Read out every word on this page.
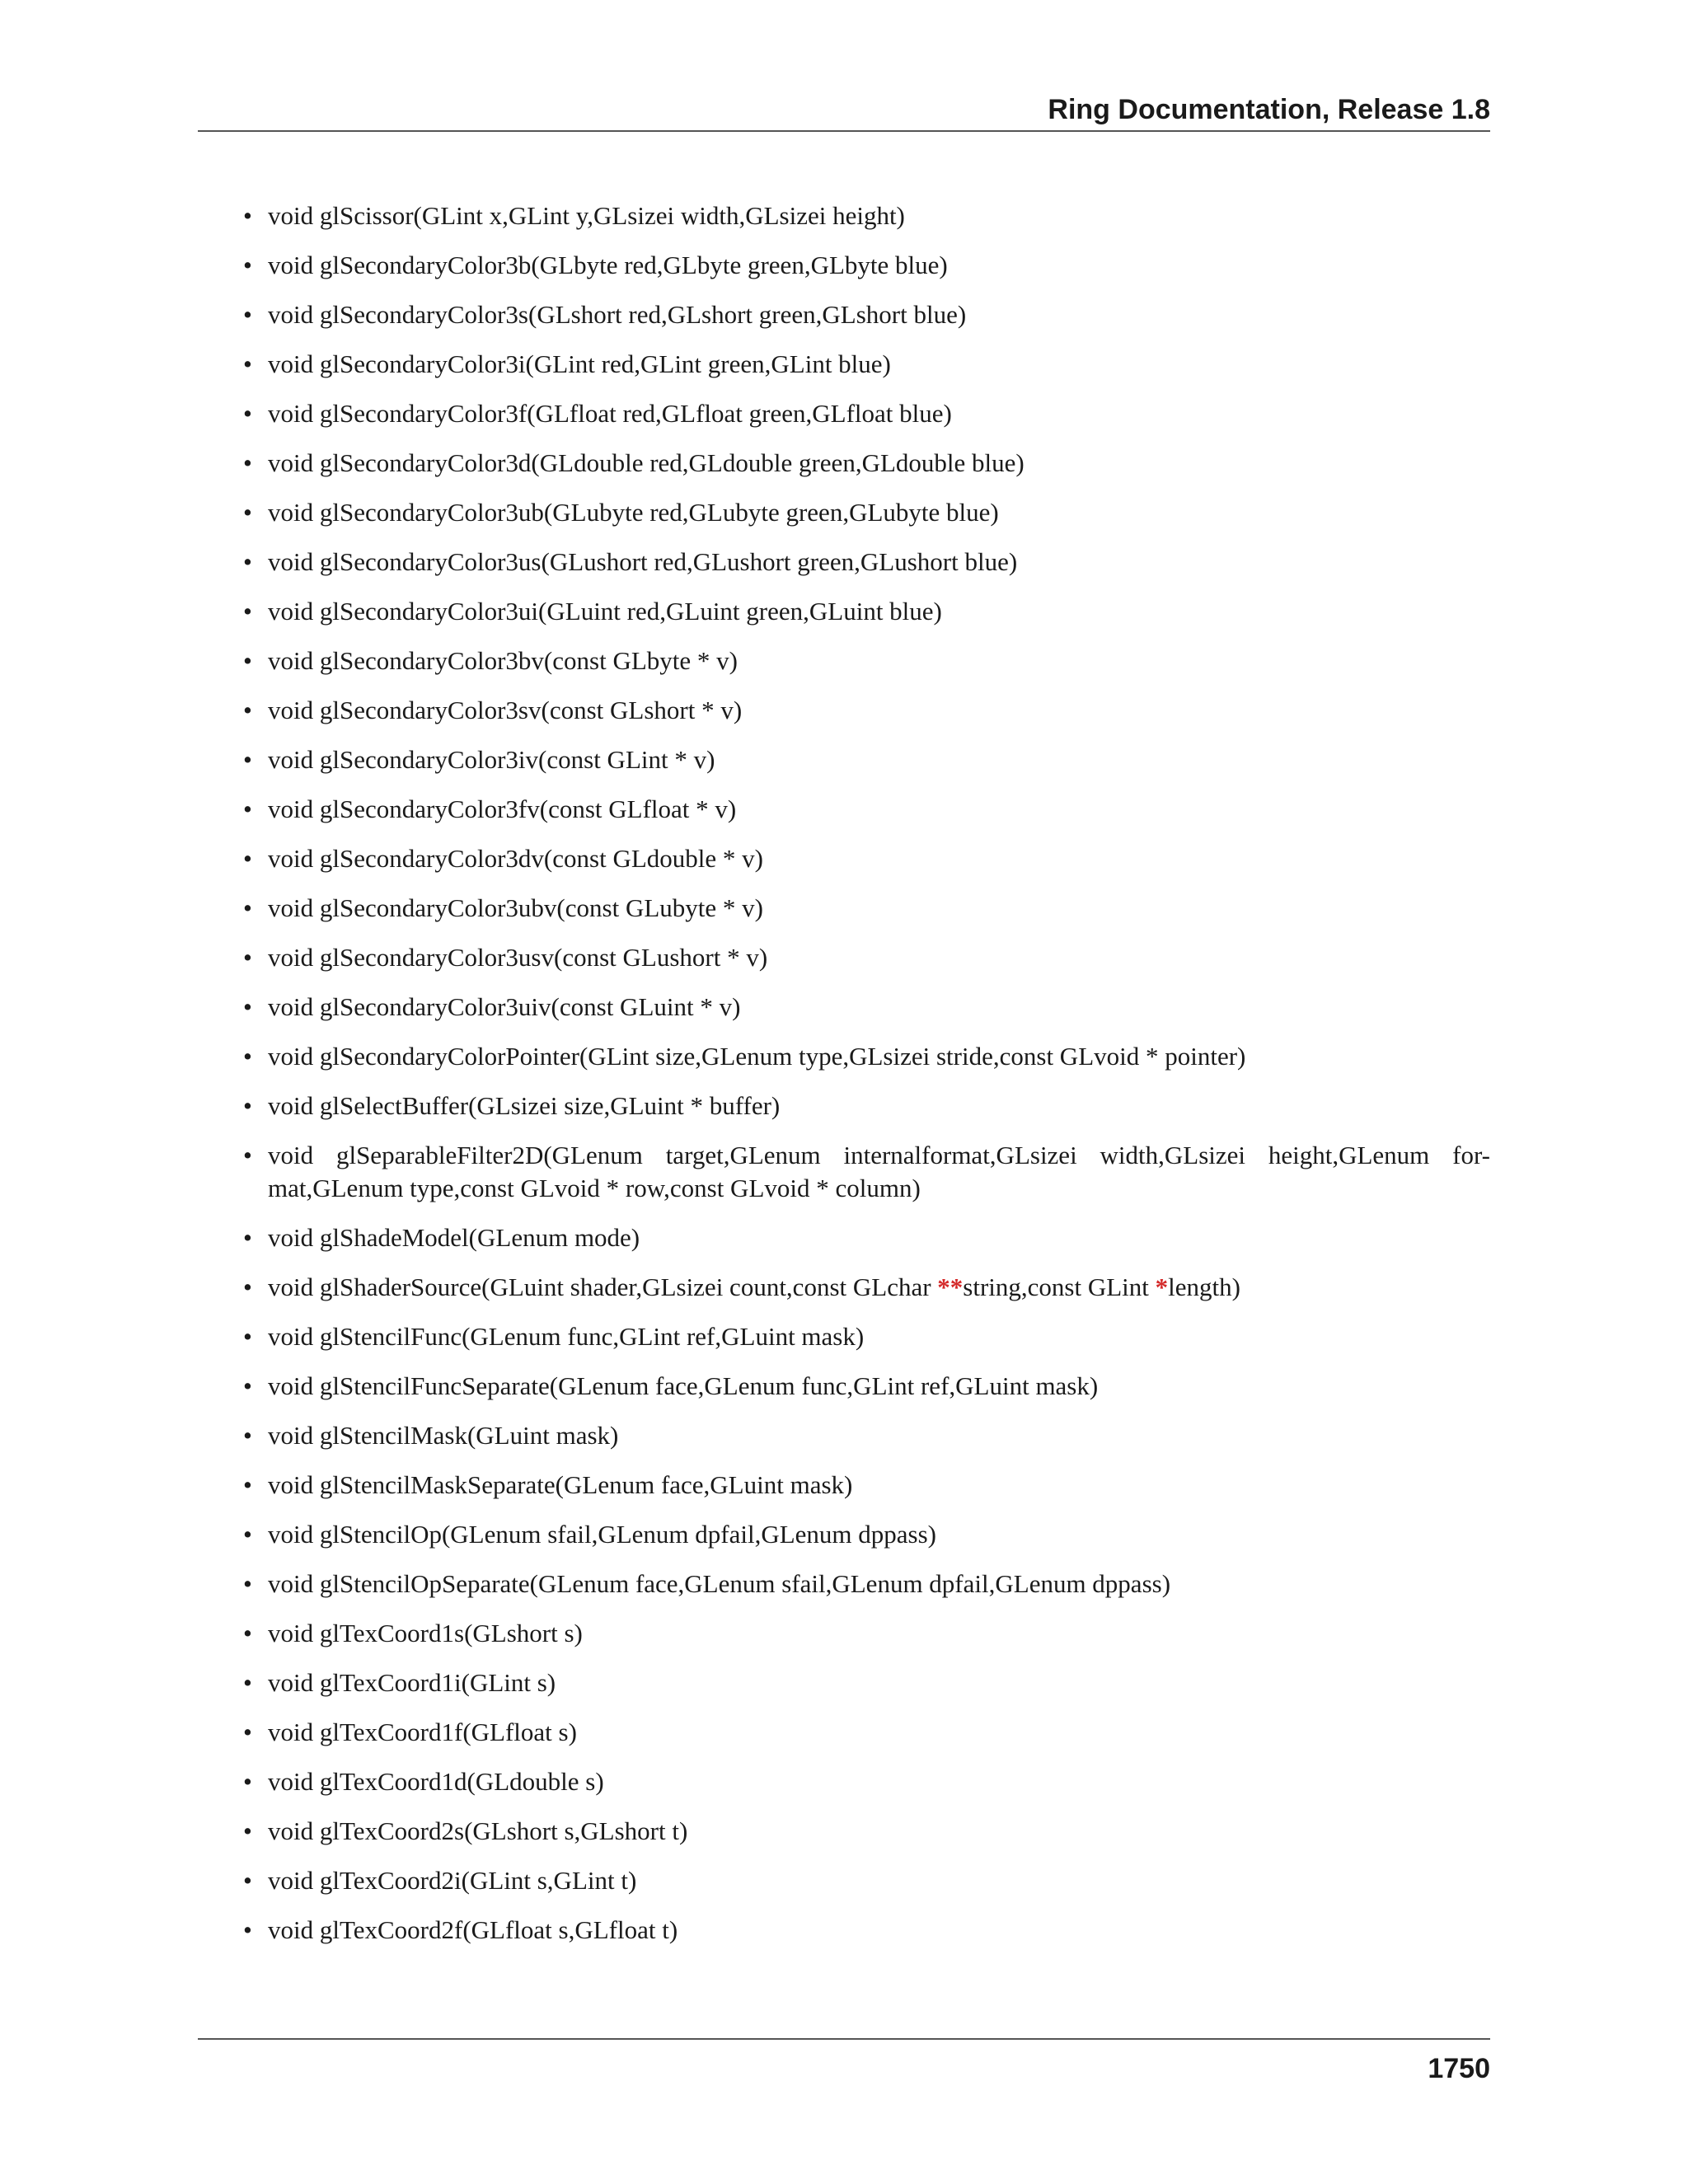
Ring Documentation, Release 1.8
• void glScissor(GLint x,GLint y,GLsizei width,GLsizei height)
• void glSecondaryColor3b(GLbyte red,GLbyte green,GLbyte blue)
• void glSecondaryColor3s(GLshort red,GLshort green,GLshort blue)
• void glSecondaryColor3i(GLint red,GLint green,GLint blue)
• void glSecondaryColor3f(GLfloat red,GLfloat green,GLfloat blue)
• void glSecondaryColor3d(GLdouble red,GLdouble green,GLdouble blue)
• void glSecondaryColor3ub(GLubyte red,GLubyte green,GLubyte blue)
• void glSecondaryColor3us(GLushort red,GLushort green,GLushort blue)
• void glSecondaryColor3ui(GLuint red,GLuint green,GLuint blue)
• void glSecondaryColor3bv(const GLbyte * v)
• void glSecondaryColor3sv(const GLshort * v)
• void glSecondaryColor3iv(const GLint * v)
• void glSecondaryColor3fv(const GLfloat * v)
• void glSecondaryColor3dv(const GLdouble * v)
• void glSecondaryColor3ubv(const GLubyte * v)
• void glSecondaryColor3usv(const GLushort * v)
• void glSecondaryColor3uiv(const GLuint * v)
• void glSecondaryColorPointer(GLint size,GLenum type,GLsizei stride,const GLvoid * pointer)
• void glSelectBuffer(GLsizei size,GLuint * buffer)
• void glSeparableFilter2D(GLenum target,GLenum internalformat,GLsizei width,GLsizei height,GLenum for-mat,GLenum type,const GLvoid * row,const GLvoid * column)
• void glShadeModel(GLenum mode)
• void glShaderSource(GLuint shader,GLsizei count,const GLchar **string,const GLint *length)
• void glStencilFunc(GLenum func,GLint ref,GLuint mask)
• void glStencilFuncSeparate(GLenum face,GLenum func,GLint ref,GLuint mask)
• void glStencilMask(GLuint mask)
• void glStencilMaskSeparate(GLenum face,GLuint mask)
• void glStencilOp(GLenum sfail,GLenum dpfail,GLenum dppass)
• void glStencilOpSeparate(GLenum face,GLenum sfail,GLenum dpfail,GLenum dppass)
• void glTexCoord1s(GLshort s)
• void glTexCoord1i(GLint s)
• void glTexCoord1f(GLfloat s)
• void glTexCoord1d(GLdouble s)
• void glTexCoord2s(GLshort s,GLshort t)
• void glTexCoord2i(GLint s,GLint t)
• void glTexCoord2f(GLfloat s,GLfloat t)
1750
